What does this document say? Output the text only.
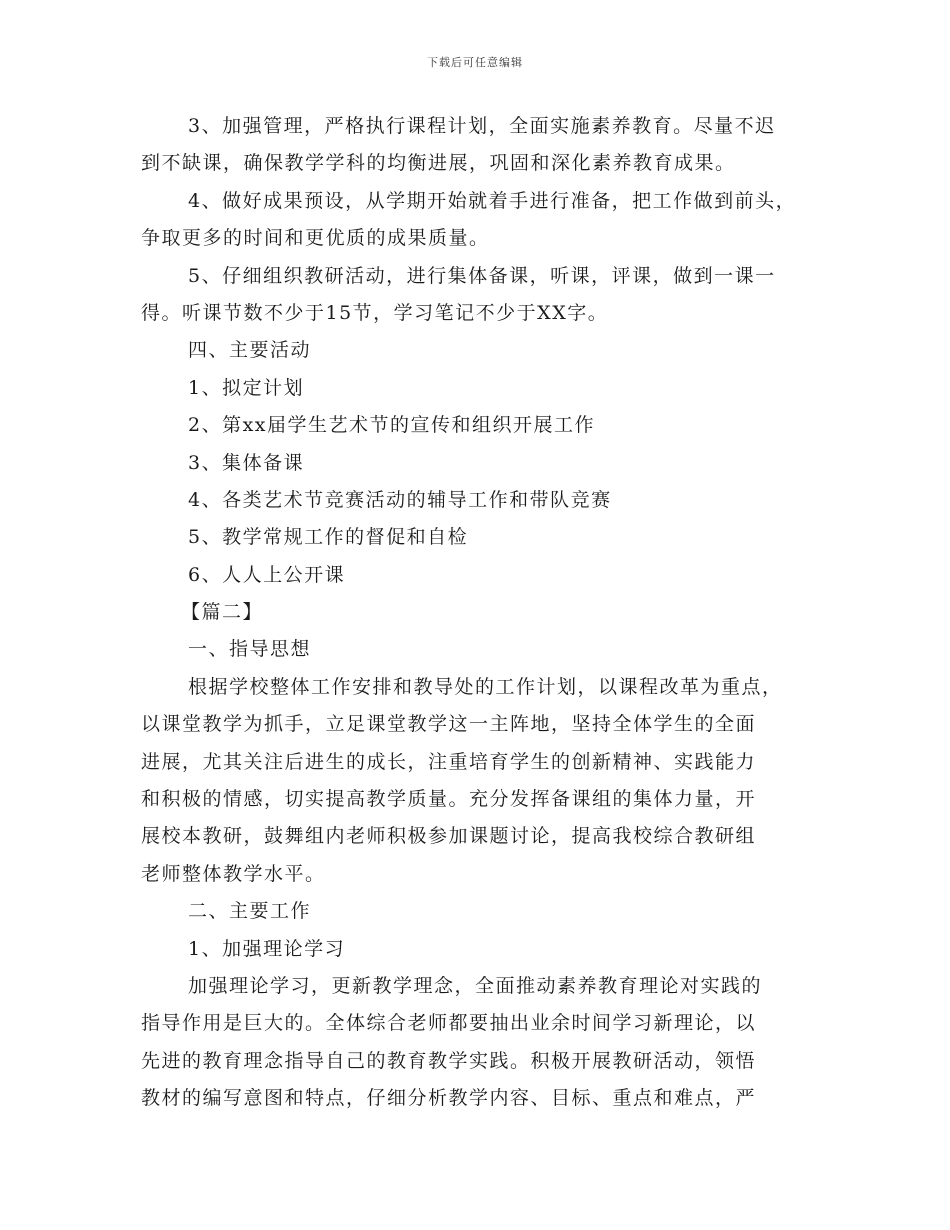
下载后可任意编辑
3、加强管理，严格执行课程计划，全面实施素养教育。尽量不迟
到不缺课，确保教学学科的均衡进展，巩固和深化素养教育成果。
4、做好成果预设，从学期开始就着手进行准备，把工作做到前头，
争取更多的时间和更优质的成果质量。
5、仔细组织教研活动，进行集体备课，听课，评课，做到一课一
得。听课节数不少于15节，学习笔记不少于XX字。
四、主要活动
1、拟定计划
2、第xx届学生艺术节的宣传和组织开展工作
3、集体备课
4、各类艺术节竞赛活动的辅导工作和带队竞赛
5、教学常规工作的督促和自检
6、人人上公开课
【篇二】
一、指导思想
根据学校整体工作安排和教导处的工作计划，以课程改革为重点，
以课堂教学为抓手，立足课堂教学这一主阵地，坚持全体学生的全面
进展，尤其关注后进生的成长，注重培育学生的创新精神、实践能力
和积极的情感，切实提高教学质量。充分发挥备课组的集体力量，开
展校本教研，鼓舞组内老师积极参加课题讨论，提高我校综合教研组
老师整体教学水平。
二、主要工作
1、加强理论学习
加强理论学习，更新教学理念，全面推动素养教育理论对实践的
指导作用是巨大的。全体综合老师都要抽出业余时间学习新理论，以
先进的教育理念指导自己的教育教学实践。积极开展教研活动，领悟
教材的编写意图和特点，仔细分析教学内容、目标、重点和难点，严
